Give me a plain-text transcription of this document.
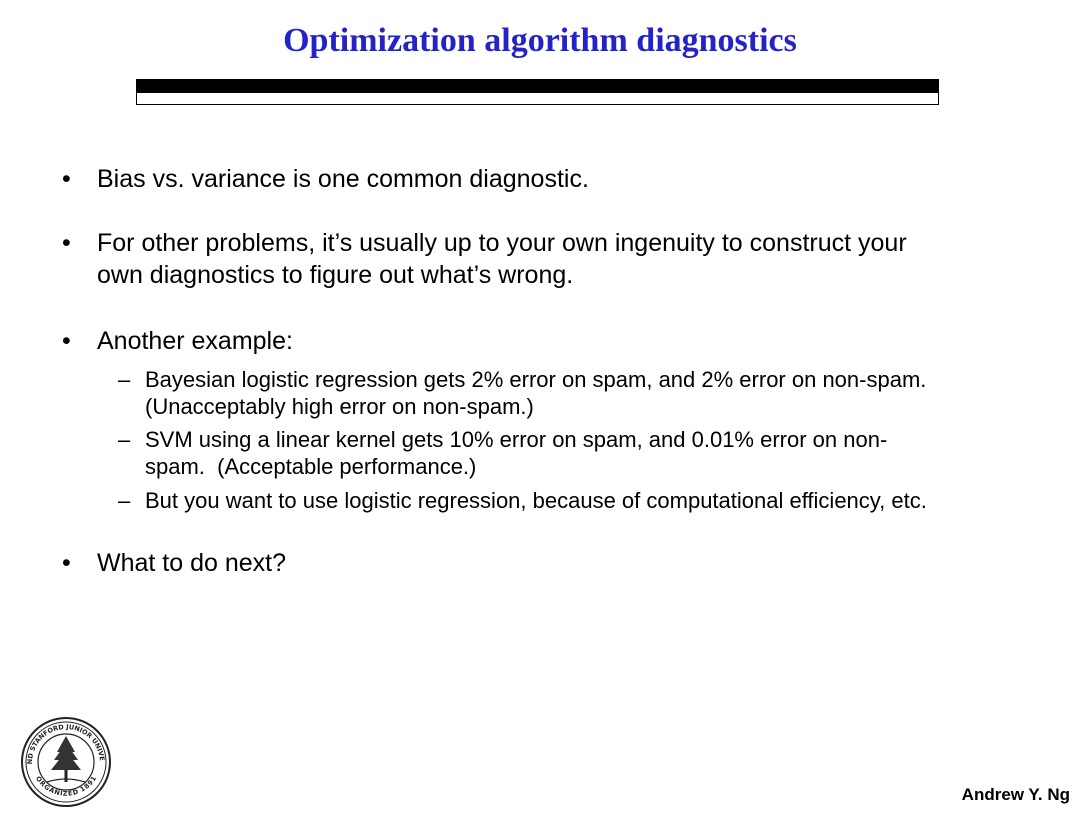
Optimization algorithm diagnostics
• Bias vs. variance is one common diagnostic.
• For other problems, it’s usually up to your own ingenuity to construct your
own diagnostics to figure out what’s wrong.
• Another example:
– Bayesian logistic regression gets 2% error on spam, and 2% error on non-spam.
(Unacceptably high error on non-spam.)
– SVM using a linear kernel gets 10% error on spam, and 0.01% error on non-
spam.  (Acceptable performance.)
– But you want to use logistic regression, because of computational efficiency, etc.
• What to do next?
ND STANFORD JUNIOR UNIVE
ORGANIZED 1891
Andrew Y. Ng
